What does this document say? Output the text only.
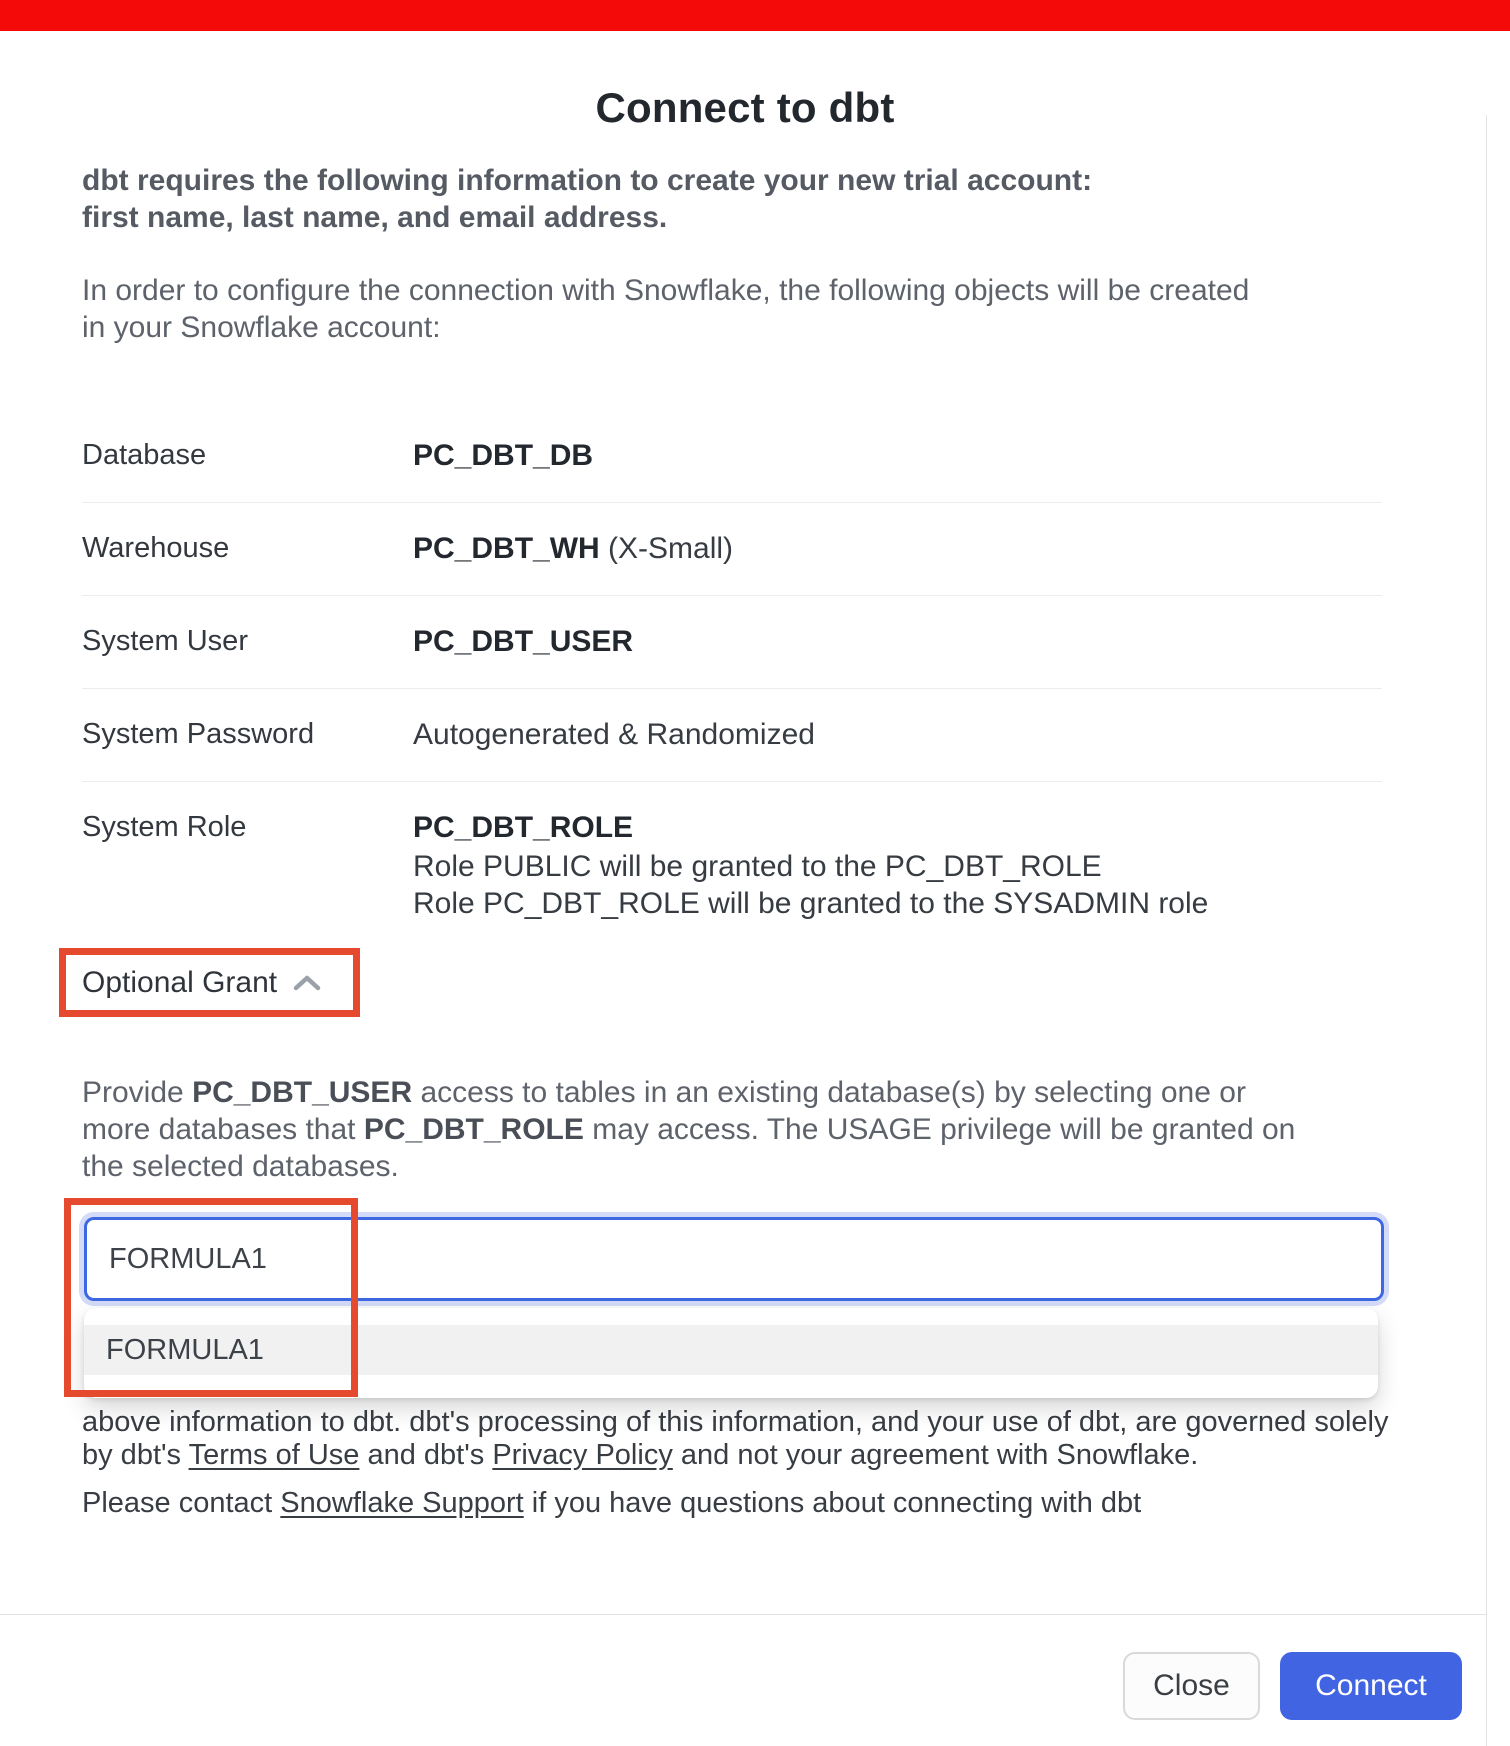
Connect to dbt
dbt requires the following information to create your new trial account:
first name, last name, and email address.
In order to configure the connection with Snowflake, the following objects will be created
in your Snowflake account:
Database	PC_DBT_DB
Warehouse	PC_DBT_WH (X-Small)
System User	PC_DBT_USER
System Password	Autogenerated & Randomized
System Role	PC_DBT_ROLE
Role PUBLIC will be granted to the PC_DBT_ROLE
Role PC_DBT_ROLE will be granted to the SYSADMIN role
Optional Grant
Provide PC_DBT_USER access to tables in an existing database(s) by selecting one or
more databases that PC_DBT_ROLE may access. The USAGE privilege will be granted on
the selected databases.
above information to dbt. dbt's processing of this information, and your use of dbt, are governed solely
by dbt's Terms of Use and dbt's Privacy Policy and not your agreement with Snowflake.
Please contact Snowflake Support if you have questions about connecting with dbt
FORMULA1
FORMULA1
Close	Connect
